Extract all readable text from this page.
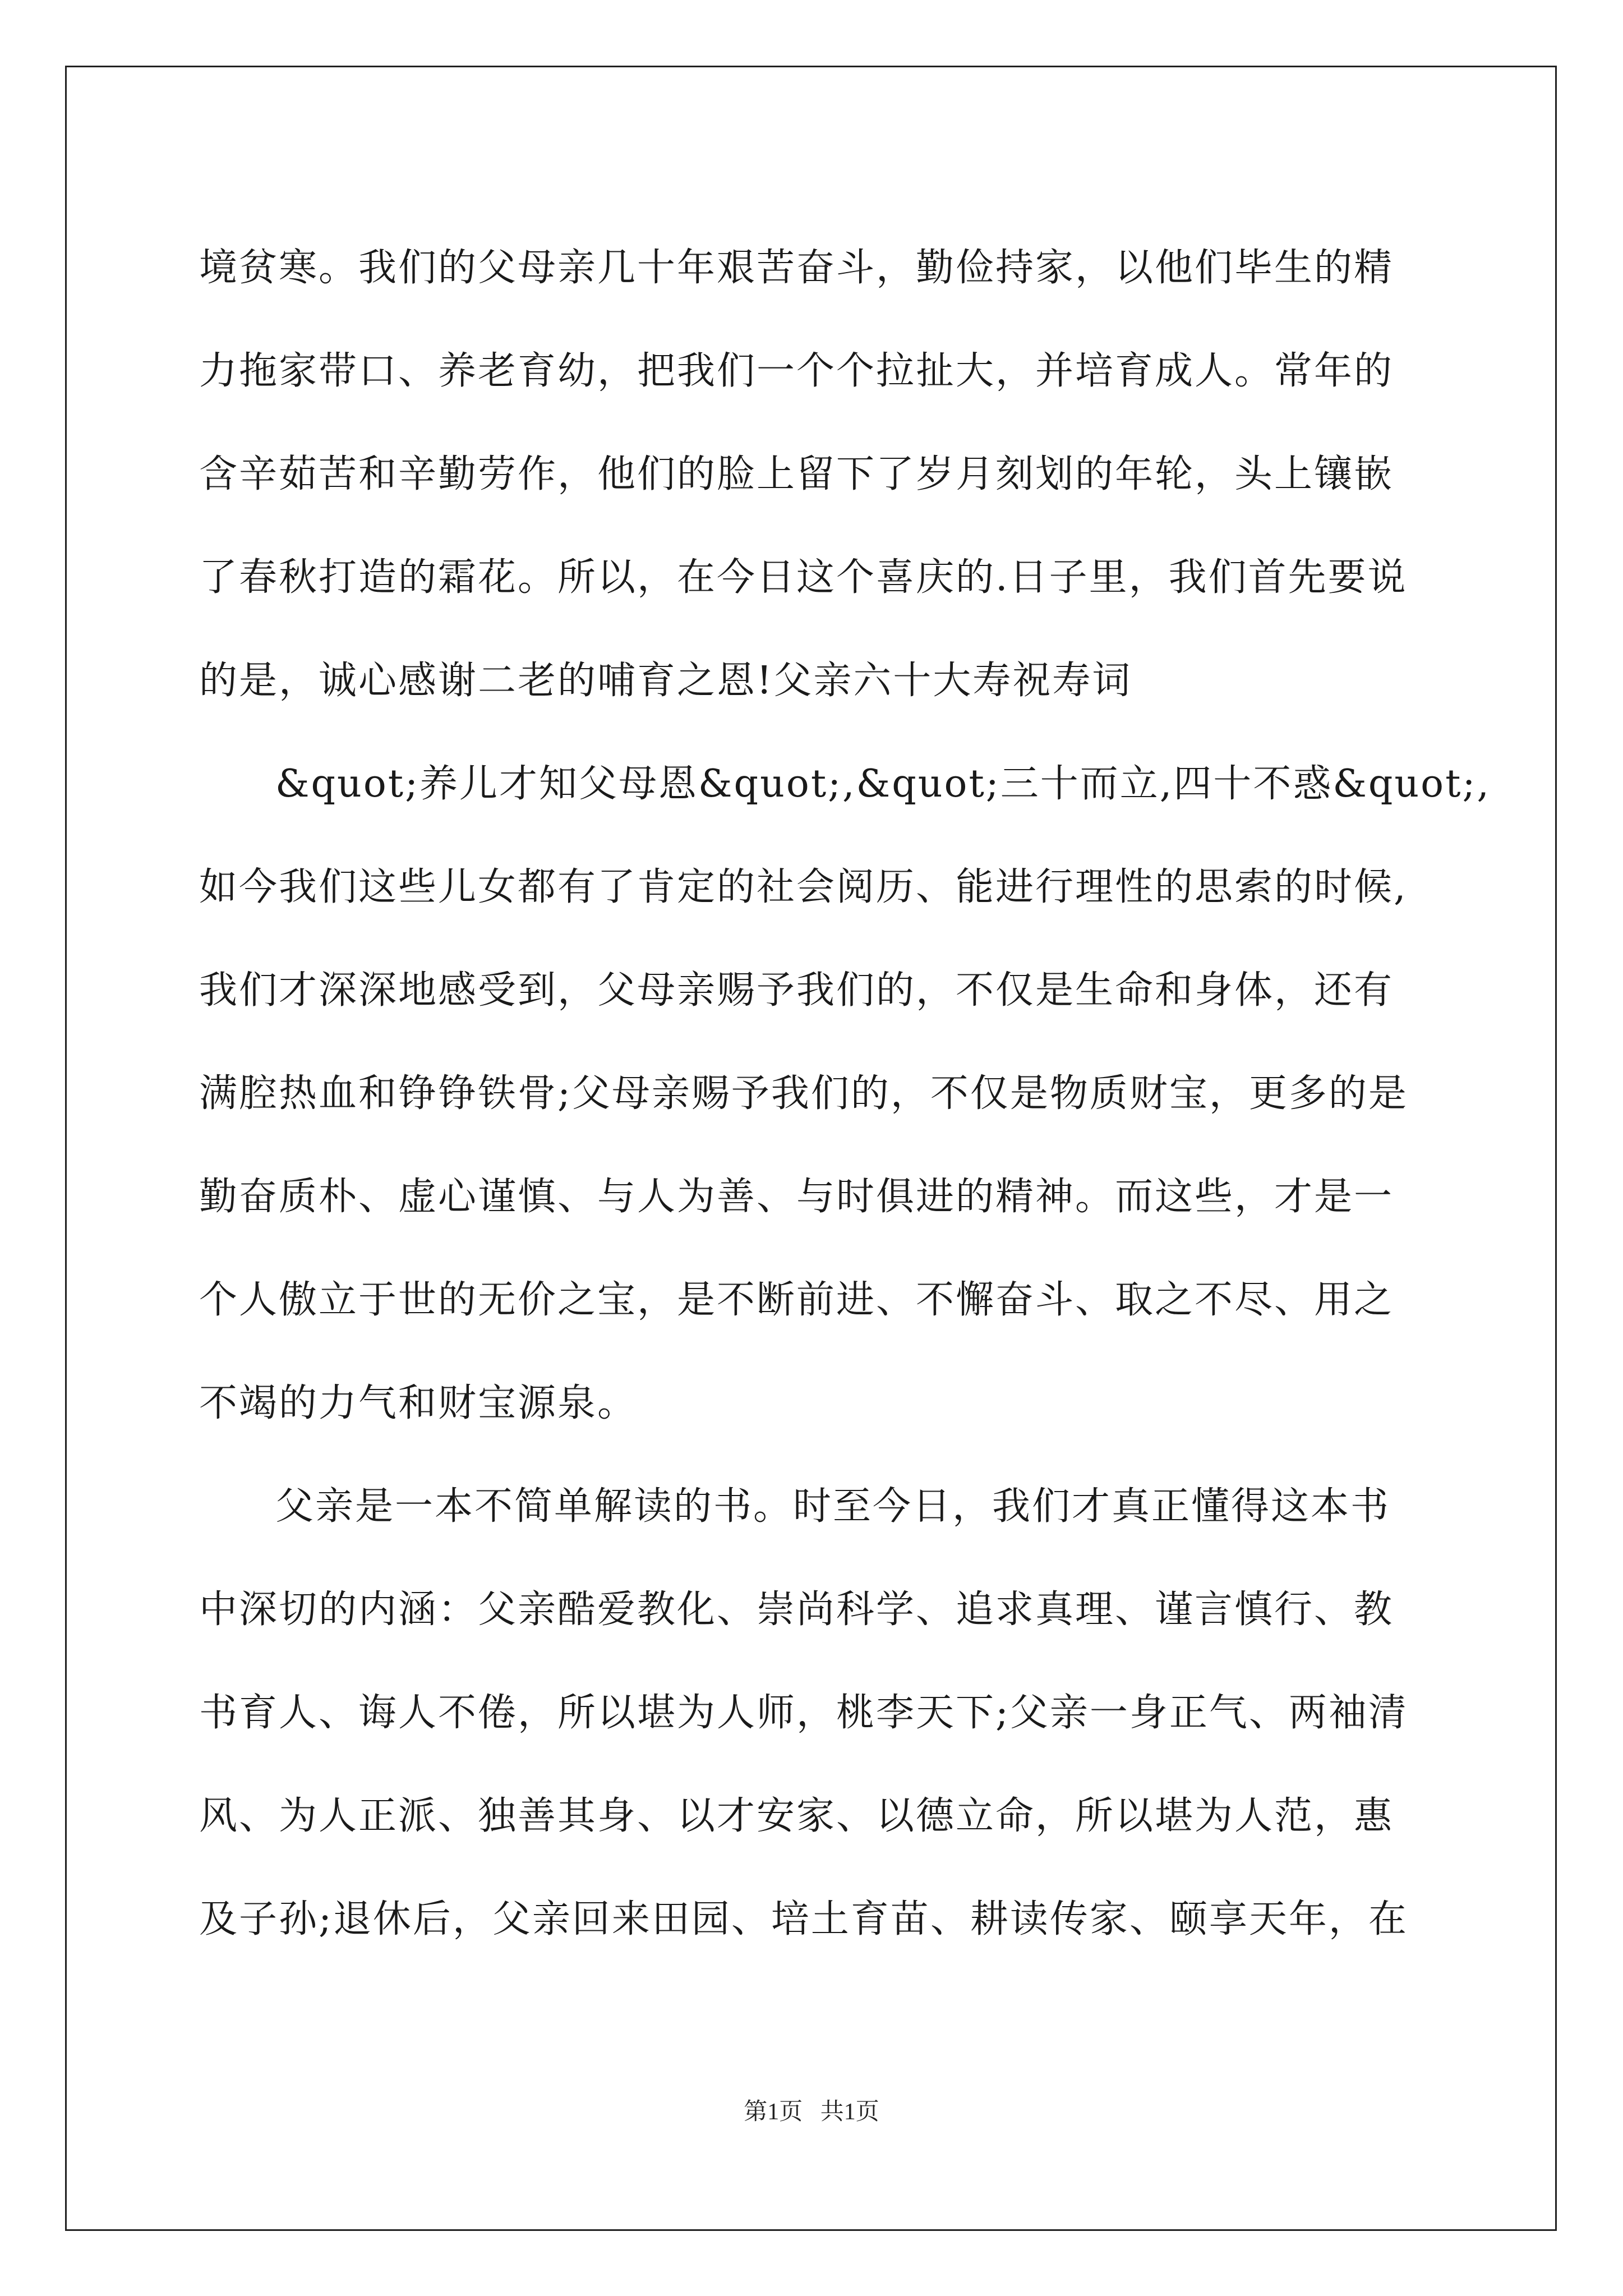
境贫寒。我们的父母亲几十年艰苦奋斗，勤俭持家，以他们毕生的精
力拖家带口、养老育幼，把我们一个个拉扯大，并培育成人。常年的
含辛茹苦和辛勤劳作，他们的脸上留下了岁月刻划的年轮，头上镶嵌
了春秋打造的霜花。所以，在今日这个喜庆的.日子里，我们首先要说
的是，诚心感谢二老的哺育之恩!父亲六十大寿祝寿词
&quot;养儿才知父母恩&quot;,&quot;三十而立,四十不惑&quot;,
如今我们这些儿女都有了肯定的社会阅历、能进行理性的思索的时候,
我们才深深地感受到，父母亲赐予我们的，不仅是生命和身体，还有
满腔热血和铮铮铁骨;父母亲赐予我们的，不仅是物质财宝，更多的是
勤奋质朴、虚心谨慎、与人为善、与时俱进的精神。而这些，才是一
个人傲立于世的无价之宝，是不断前进、不懈奋斗、取之不尽、用之
不竭的力气和财宝源泉。
父亲是一本不简单解读的书。时至今日，我们才真正懂得这本书
中深切的内涵：父亲酷爱教化、崇尚科学、追求真理、谨言慎行、教
书育人、诲人不倦，所以堪为人师，桃李天下;父亲一身正气、两袖清
风、为人正派、独善其身、以才安家、以德立命，所以堪为人范，惠
及子孙;退休后，父亲回来田园、培土育苗、耕读传家、颐享天年，在
第1页   共1页
